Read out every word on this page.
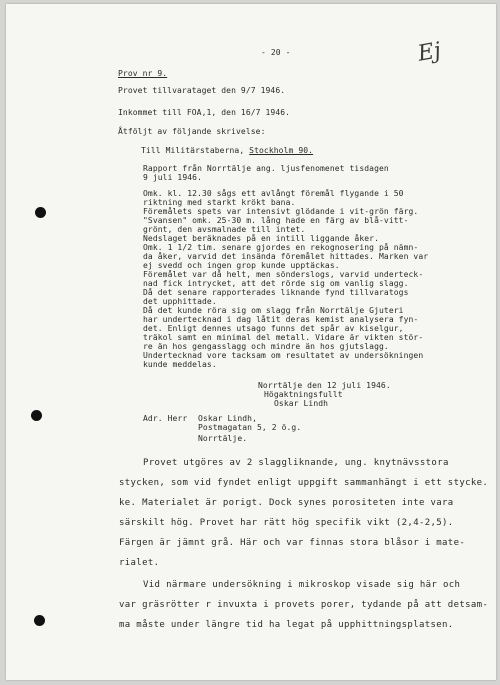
- 20 -	Ej
Prov nr 9.
Provet tillvarataget den 9/7 1946.
Inkommet till FOA,1, den 16/7 1946.
Åtföljt av följande skrivelse:
Till Militärstaberna, Stockholm 90.
Rapport från Norrtälje ang. ljusfenomenet tisdagen
9 juli 1946.
Omk. kl. 12.30 sågs ett avlångt föremål flygande i 50
riktning med starkt krökt bana.
Föremålets spets var intensivt glödande i vit-grön färg.
"Svansen" omk. 25-30 m. lång hade en färg av blå-vitt-
grönt, den avsmalnade till intet.
Nedslaget beräknades på en intill liggande åker.
Omk. 1 1/2 tim. senare gjordes en rekognosering på nämn-
da åker, varvid det insända föremålet hittades. Marken var
ej svedd och ingen grop kunde upptäckas.
Föremålet var då helt, men sönderslogs, varvid underteck-
nad fick intrycket, att det rörde sig om vanlig slagg.
Då det senare rapporterades liknande fynd tillvaratogs
det upphittade.
Då det kunde röra sig om slagg från Norrtälje Gjuteri
har undertecknad i dag låtit deras kemist analysera fyn-
det. Enligt dennes utsago funns det spår av kiselgur,
träkol samt en minimal del metall. Vidare är vikten stör-
re än hos gengasslagg och mindre än hos gjutslagg.
Undertecknad vore tacksam om resultatet av undersökningen
kunde meddelas.
Norrtälje den 12 juli 1946.
Högaktningsfullt
Oskar Lindh
Adr. Herr Oskar Lindh,
Postmagatan 5, 2 ö.g.
Norrtälje.
Provet utgöres av 2 slaggliknande, ung. knytnävsstora
stycken, som vid fyndet enligt uppgift sammanhängt i ett stycke.
ke. Materialet är porigt. Dock synes porositeten inte vara
särskilt hög. Provet har rätt hög specifik vikt (2,4-2,5).
Färgen är jämnt grå. Här och var finnas stora blåsor i mate-
rialet.
Vid närmare undersökning i mikroskop visade sig här och
var gräsrötter r invuxta i provets porer, tydande på att detsam-
ma måste under längre tid ha legat på upphittningsplatsen.
